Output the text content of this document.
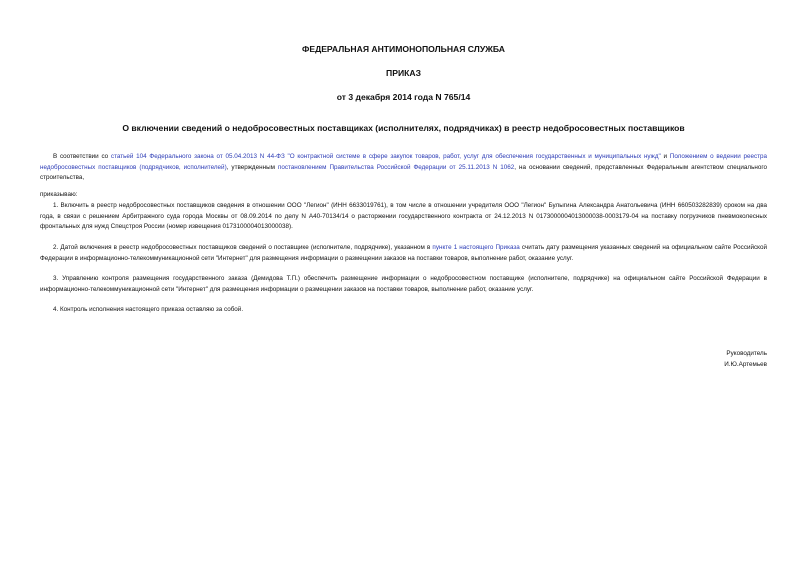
ФЕДЕРАЛЬНАЯ АНТИМОНОПОЛЬНАЯ СЛУЖБА
ПРИКАЗ
от 3 декабря 2014 года N 765/14
О включении сведений о недобросовестных поставщиках (исполнителях, подрядчиках) в реестр недобросовестных поставщиков
В соответствии со статьей 104 Федерального закона от 05.04.2013 N 44-ФЗ "О контрактной системе в сфере закупок товаров, работ, услуг для обеспечения государственных и муниципальных нужд" и Положением о ведении реестра недобросовестных поставщиков (подрядчиков, исполнителей), утвержденным постановлением Правительства Российской Федерации от 25.11.2013 N 1062, на основании сведений, представленных Федеральным агентством специального строительства,
приказываю:
1. Включить в реестр недобросовестных поставщиков сведения в отношении ООО "Легион" (ИНН 6633019761), в том числе в отношении учредителя ООО "Легион" Булыгина Александра Анатольевича (ИНН 660503282839) сроком на два года, в связи с решением Арбитражного суда города Москвы от 08.09.2014 по делу N А40-70134/14 о расторжении государственного контракта от 24.12.2013 N 0173000004013000038-0003179-04 на поставку погрузчиков пневмоколесных фронтальных для нужд Спецстроя России (номер извещения 0173100004013000038).
2. Датой включения в реестр недобросовестных поставщиков сведений о поставщике (исполнителе, подрядчике), указанном в пункте 1 настоящего Приказа считать дату размещения указанных сведений на официальном сайте Российской Федерации в информационно-телекоммуникационной сети "Интернет" для размещения информации о размещении заказов на поставки товаров, выполнение работ, оказание услуг.
3. Управлению контроля размещения государственного заказа (Демидова Т.П.) обеспечить размещение информации о недобросовестном поставщике (исполнителе, подрядчике) на официальном сайте Российской Федерации в информационно-телекоммуникационной сети "Интернет" для размещения информации о размещении заказов на поставки товаров, выполнение работ, оказание услуг.
4. Контроль исполнения настоящего приказа оставляю за собой.
Руководитель
И.Ю.Артемьев
